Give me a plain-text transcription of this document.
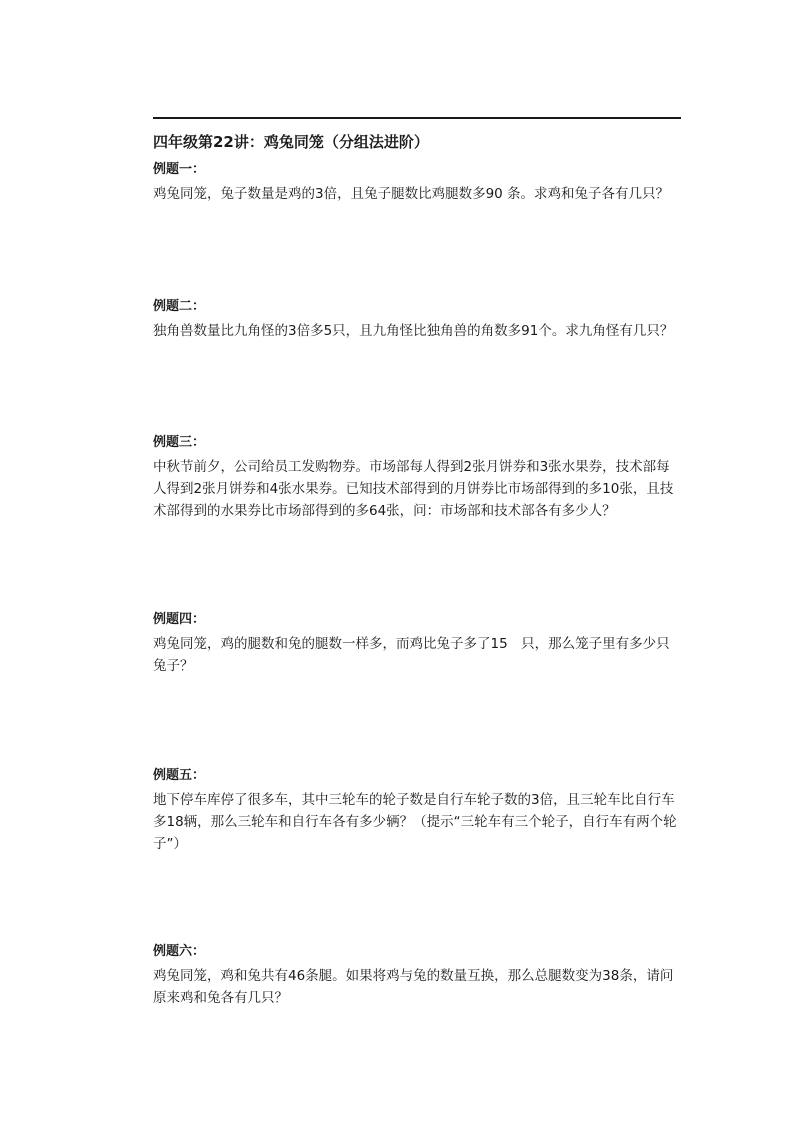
四年级第22讲：鸡兔同笼（分组法进阶）
例题一：

鸡兔同笼，兔子数量是鸡的3倍，且兔子腿数比鸡腿数多90 条。求鸡和兔子各有几只？

例题二：

独角兽数量比九角怪的3倍多5只，且九角怪比独角兽的角数多91个。求九角怪有几只？

例题三：

中秋节前夕，公司给员工发购物券。市场部每人得到2张月饼券和3张水果券，技术部每人得到2张月饼券和4张水果券。已知技术部得到的月饼券比市场部得到的多10张，且技术部得到的水果券比市场部得到的多64张，问：市场部和技术部各有多少人？

例题四：

鸡兔同笼，鸡的腿数和兔的腿数一样多，而鸡比兔子多了15　只，那么笼子里有多少只兔子？

例题五：

地下停车库停了很多车，其中三轮车的轮子数是自行车轮子数的3倍，且三轮车比自行车多18辆，那么三轮车和自行车各有多少辆？（提示“三轮车有三个轮子，自行车有两个轮 子”）

例题六：

鸡兔同笼，鸡和兔共有46条腿。如果将鸡与兔的数量互换，那么总腿数变为38条，请问原来鸡和兔各有几只？
